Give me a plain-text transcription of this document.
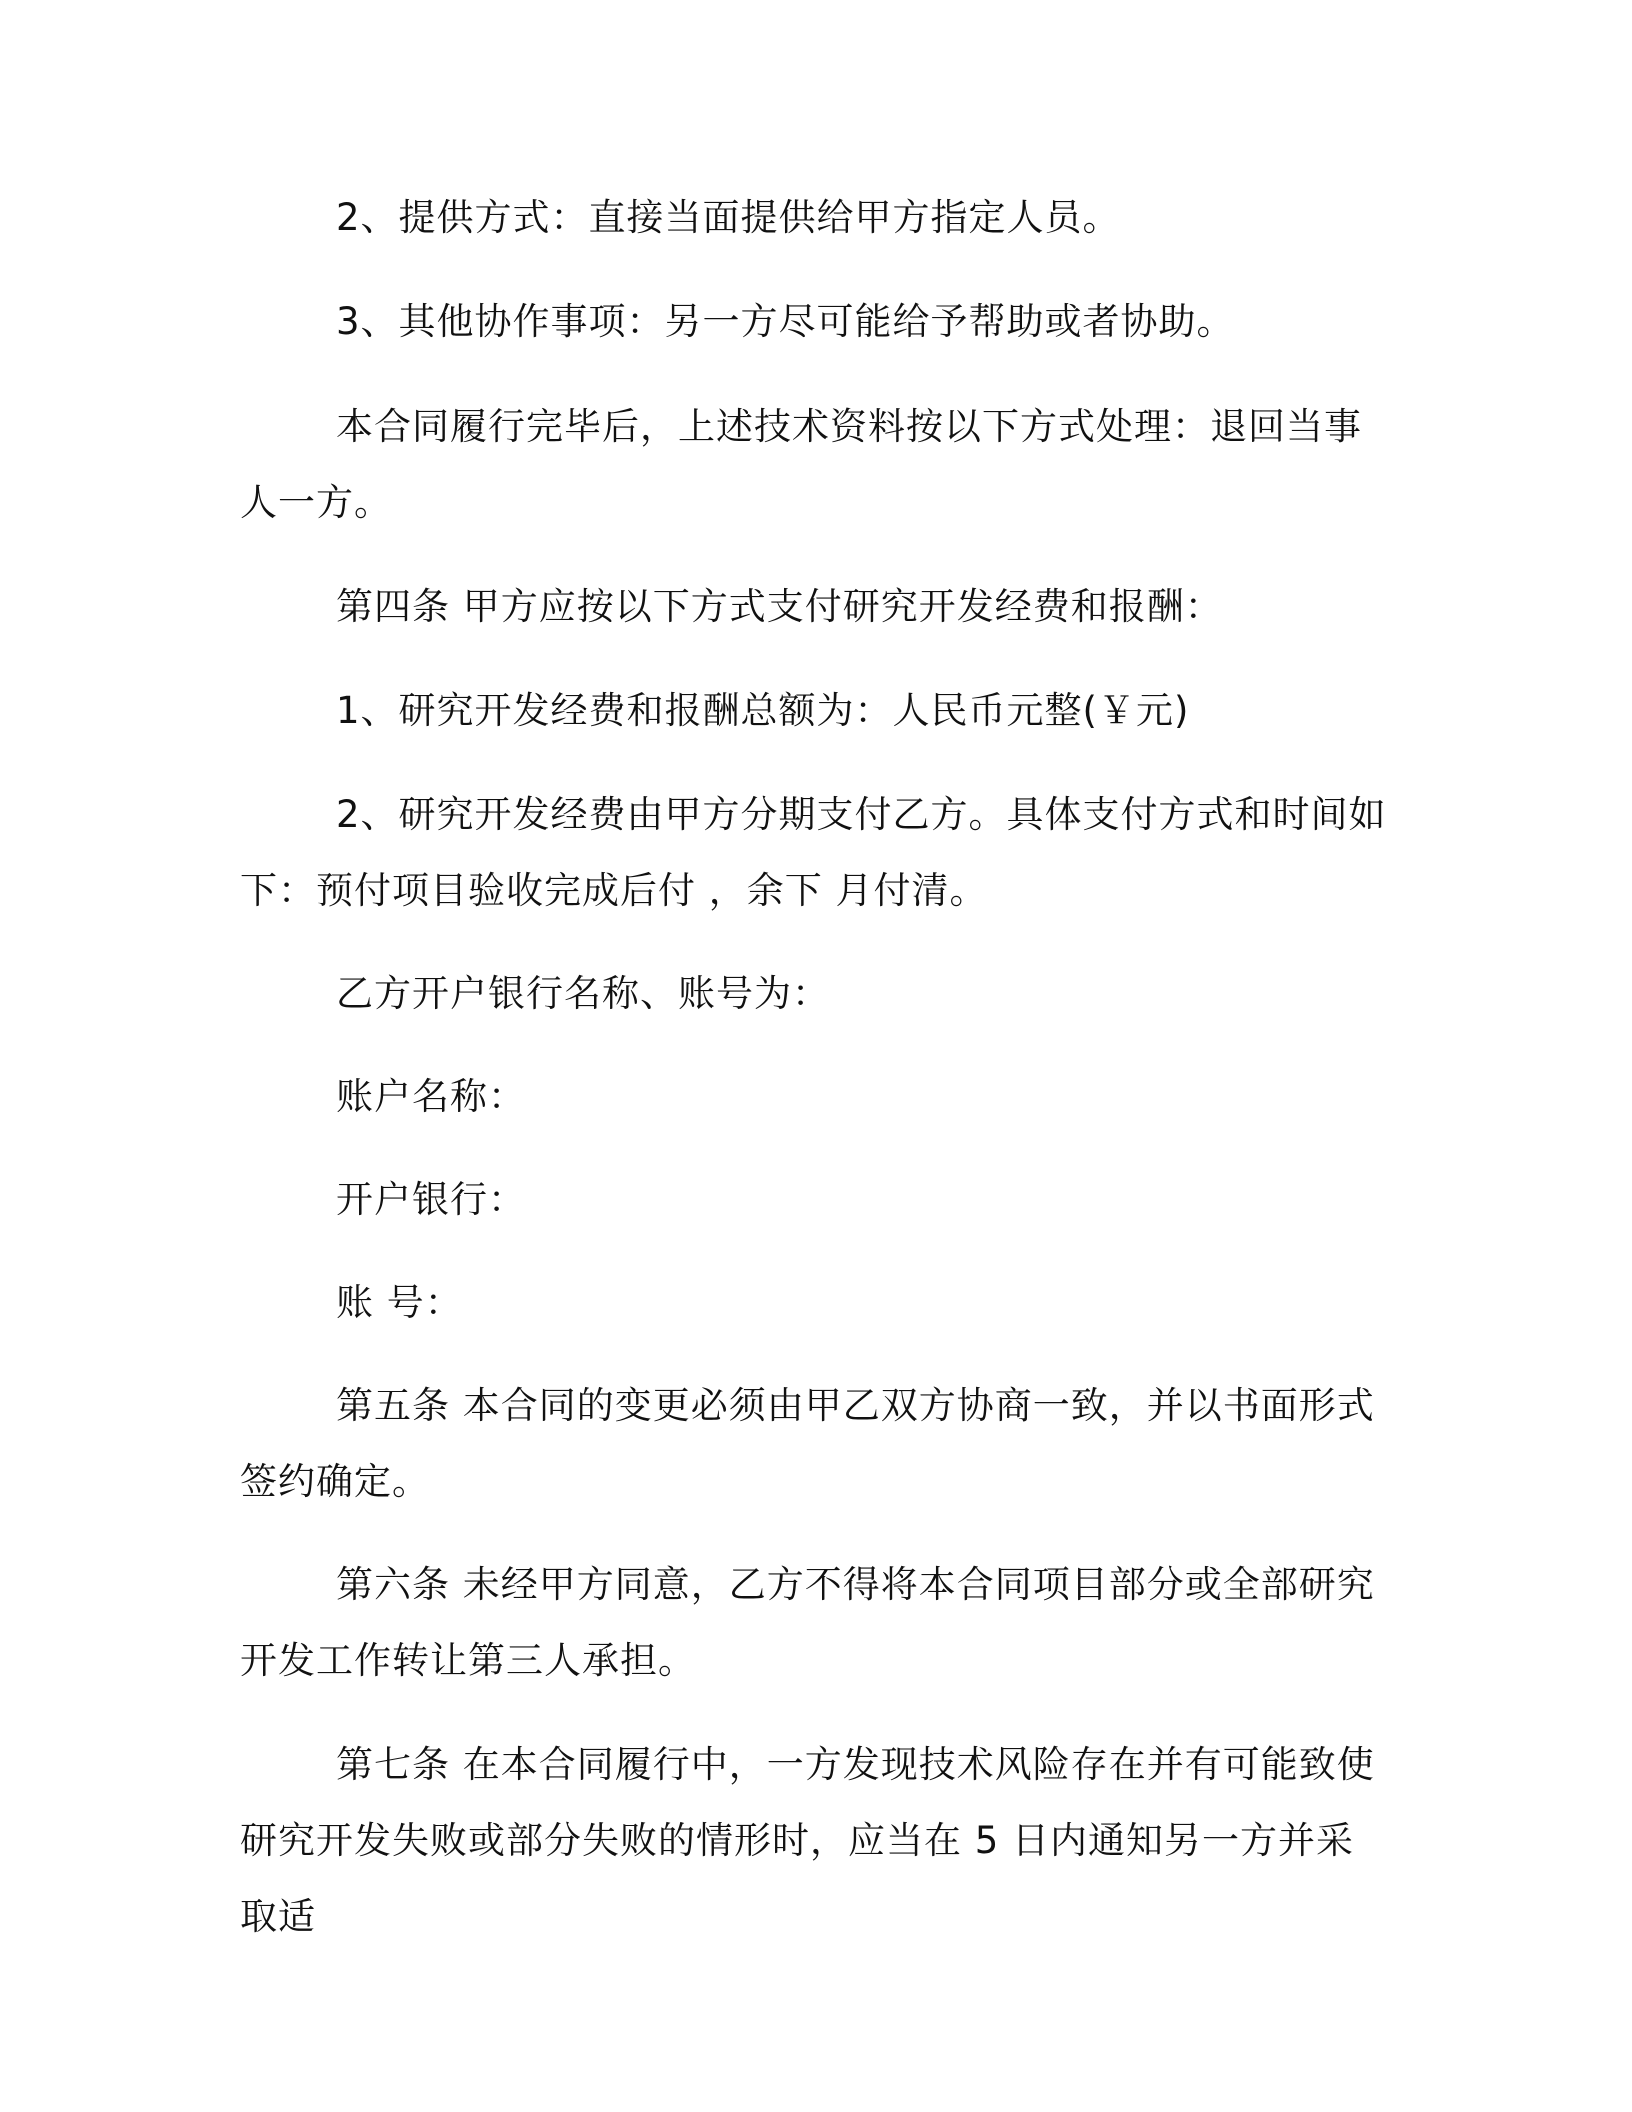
2、提供方式：直接当面提供给甲方指定人员。

3、其他协作事项：另一方尽可能给予帮助或者协助。

本合同履行完毕后，上述技术资料按以下方式处理：退回当事人一方。

第四条 甲方应按以下方式支付研究开发经费和报酬：

1、研究开发经费和报酬总额为：人民币元整(￥元)

2、研究开发经费由甲方分期支付乙方。具体支付方式和时间如下：预付项目验收完成后付 ，余下 月付清。

乙方开户银行名称、账号为：

账户名称：

开户银行：

账 号：

第五条 本合同的变更必须由甲乙双方协商一致，并以书面形式签约确定。

第六条 未经甲方同意，乙方不得将本合同项目部分或全部研究开发工作转让第三人承担。

第七条 在本合同履行中，一方发现技术风险存在并有可能致使研究开发失败或部分失败的情形时，应当在 5 日内通知另一方并采取适
